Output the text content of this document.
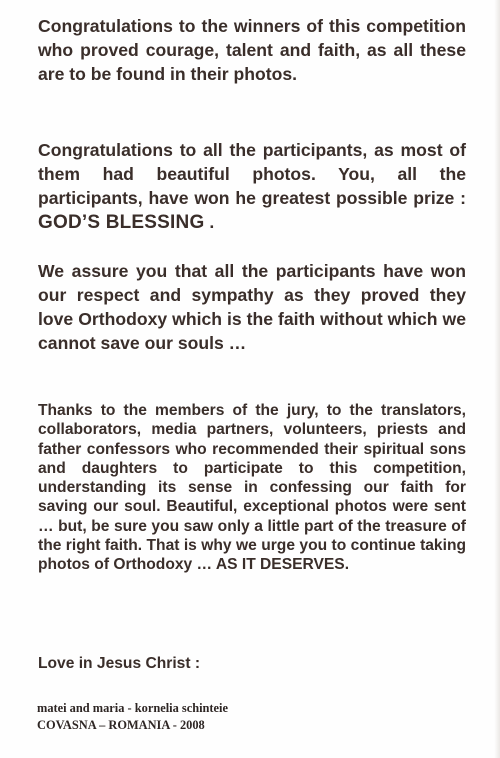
Congratulations to the winners of this competition who proved courage, talent and faith, as all these are to be found in their photos.

Congratulations to all the participants, as most of them had beautiful photos. You, all the participants, have won he greatest possible prize : GOD’S BLESSING .

We assure you that all the participants have won our respect and sympathy as they proved they love Orthodoxy which is the faith without which we cannot save our souls …

Thanks to the members of the jury, to the translators, collaborators, media partners, volunteers, priests and father confessors who recommended their spiritual sons and daughters to participate to this competition, understanding its sense in confessing our faith for saving our soul. Beautiful, exceptional photos were sent … but, be sure you saw only a little part of the treasure of the right faith. That is why we urge you to continue taking photos of Orthodoxy … AS IT DESERVES.

Love in Jesus Christ :

matei and maria - kornelia schinteie
COVASNA – ROMANIA - 2008
